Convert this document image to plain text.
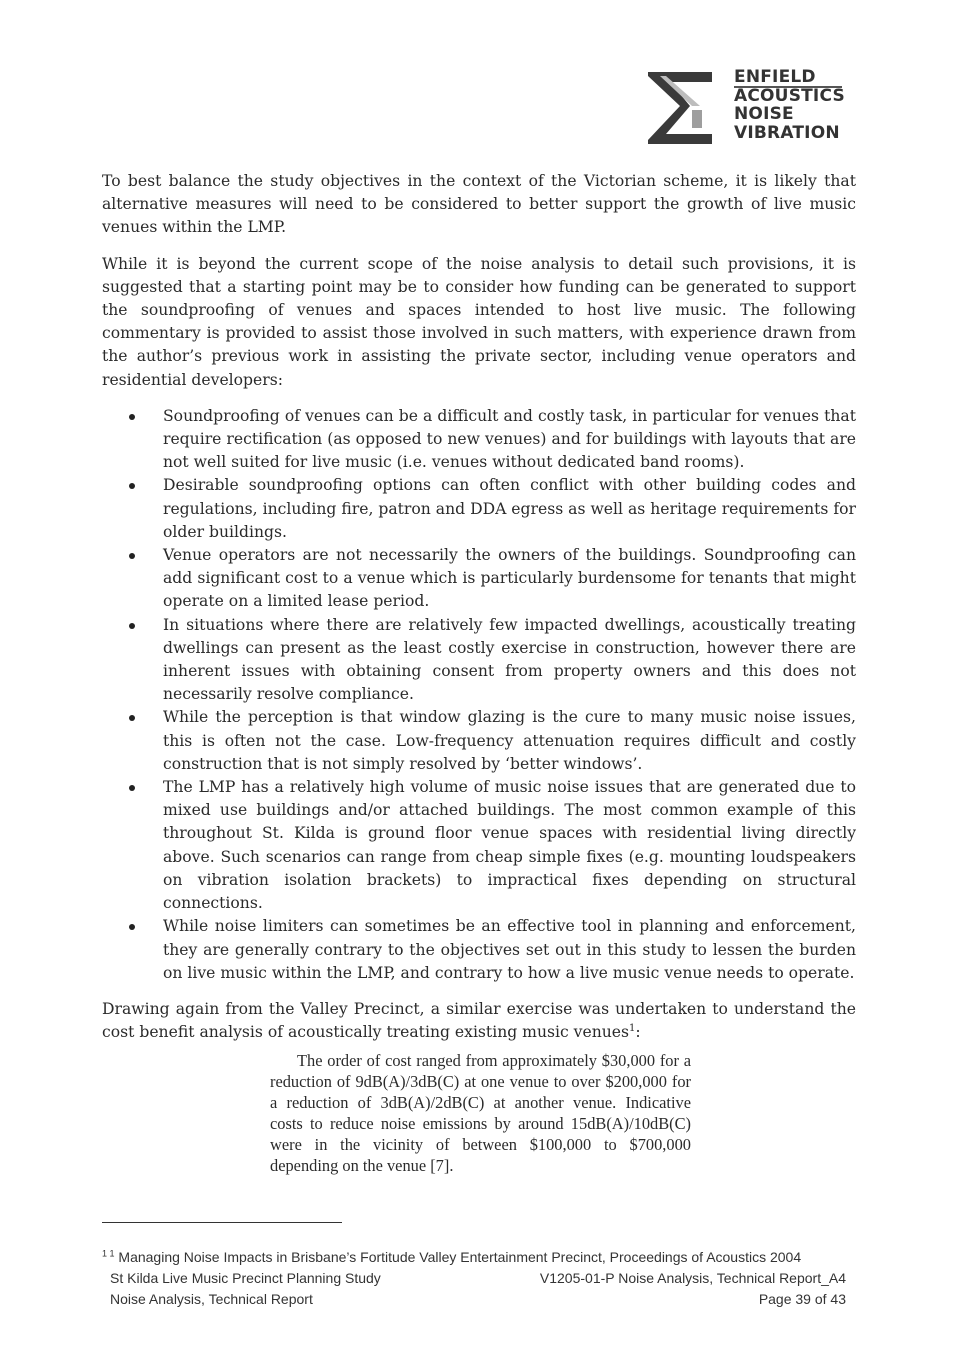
ENFIELD
ACOUSTICS
NOISE
VIBRATION

To best balance the study objectives in the context of the Victorian scheme, it is likely that alternative measures will need to be considered to better support the growth of live music venues within the LMP.

While it is beyond the current scope of the noise analysis to detail such provisions, it is suggested that a starting point may be to consider how funding can be generated to support the soundproofing of venues and spaces intended to host live music. The following commentary is provided to assist those involved in such matters, with experience drawn from the author’s previous work in assisting the private sector, including venue operators and residential developers:

Soundproofing of venues can be a difficult and costly task, in particular for venues that require rectification (as opposed to new venues) and for buildings with layouts that are not well suited for live music (i.e. venues without dedicated band rooms).
Desirable soundproofing options can often conflict with other building codes and regulations, including fire, patron and DDA egress as well as heritage requirements for older buildings.
Venue operators are not necessarily the owners of the buildings. Soundproofing can add significant cost to a venue which is particularly burdensome for tenants that might operate on a limited lease period.
In situations where there are relatively few impacted dwellings, acoustically treating dwellings can present as the least costly exercise in construction, however there are inherent issues with obtaining consent from property owners and this does not necessarily resolve compliance.
While the perception is that window glazing is the cure to many music noise issues, this is often not the case. Low-frequency attenuation requires difficult and costly construction that is not simply resolved by ‘better windows’.
The LMP has a relatively high volume of music noise issues that are generated due to mixed use buildings and/or attached buildings. The most common example of this throughout St. Kilda is ground floor venue spaces with residential living directly above. Such scenarios can range from cheap simple fixes (e.g. mounting loudspeakers on vibration isolation brackets) to impractical fixes depending on structural connections.
While noise limiters can sometimes be an effective tool in planning and enforcement, they are generally contrary to the objectives set out in this study to lessen the burden on live music within the LMP, and contrary to how a live music venue needs to operate.

Drawing again from the Valley Precinct, a similar exercise was undertaken to understand the cost benefit analysis of acoustically treating existing music venues$^1$:

The order of cost ranged from approximately $30,000 for a reduction of 9dB(A)/3dB(C) at one venue to over $200,000 for a reduction of 3dB(A)/2dB(C) at another venue. Indicative costs to reduce noise emissions by around 15dB(A)/10dB(C) were in the vicinity of between $100,000 to $700,000 depending on the venue [7].

$^{1 1}$ Managing Noise Impacts in Brisbane’s Fortitude Valley Entertainment Precinct, Proceedings of Acoustics 2004
St Kilda Live Music Precinct Planning Study	V1205-01-P Noise Analysis, Technical Report_A4
Noise Analysis, Technical Report	Page 39 of 43
